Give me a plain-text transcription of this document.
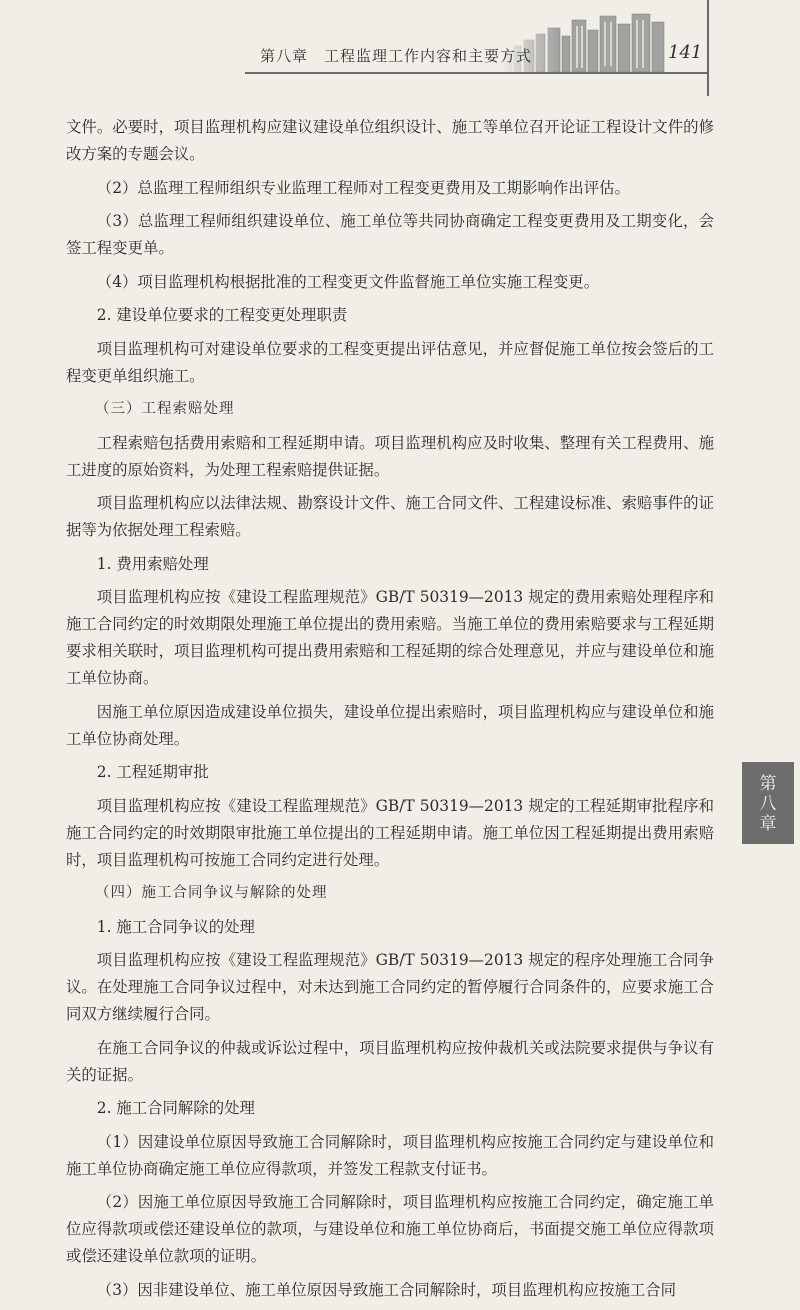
第八章　工程监理工作内容和主要方式	141

文件。必要时，项目监理机构应建议建设单位组织设计、施工等单位召开论证工程设计文件的修改方案的专题会议。

（2）总监理工程师组织专业监理工程师对工程变更费用及工期影响作出评估。

（3）总监理工程师组织建设单位、施工单位等共同协商确定工程变更费用及工期变化，会签工程变更单。

（4）项目监理机构根据批准的工程变更文件监督施工单位实施工程变更。

2. 建设单位要求的工程变更处理职责

项目监理机构可对建设单位要求的工程变更提出评估意见，并应督促施工单位按会签后的工程变更单组织施工。

（三）工程索赔处理

工程索赔包括费用索赔和工程延期申请。项目监理机构应及时收集、整理有关工程费用、施工进度的原始资料，为处理工程索赔提供证据。

项目监理机构应以法律法规、勘察设计文件、施工合同文件、工程建设标准、索赔事件的证据等为依据处理工程索赔。

1. 费用索赔处理

项目监理机构应按《建设工程监理规范》GB/T 50319—2013 规定的费用索赔处理程序和施工合同约定的时效期限处理施工单位提出的费用索赔。当施工单位的费用索赔要求与工程延期要求相关联时，项目监理机构可提出费用索赔和工程延期的综合处理意见，并应与建设单位和施工单位协商。

因施工单位原因造成建设单位损失，建设单位提出索赔时，项目监理机构应与建设单位和施工单位协商处理。

2. 工程延期审批

项目监理机构应按《建设工程监理规范》GB/T 50319—2013 规定的工程延期审批程序和施工合同约定的时效期限审批施工单位提出的工程延期申请。施工单位因工程延期提出费用索赔时，项目监理机构可按施工合同约定进行处理。

（四）施工合同争议与解除的处理

1. 施工合同争议的处理

项目监理机构应按《建设工程监理规范》GB/T 50319—2013 规定的程序处理施工合同争议。在处理施工合同争议过程中，对未达到施工合同约定的暂停履行合同条件的，应要求施工合同双方继续履行合同。

在施工合同争议的仲裁或诉讼过程中，项目监理机构应按仲裁机关或法院要求提供与争议有关的证据。

2. 施工合同解除的处理

（1）因建设单位原因导致施工合同解除时，项目监理机构应按施工合同约定与建设单位和施工单位协商确定施工单位应得款项，并签发工程款支付证书。

（2）因施工单位原因导致施工合同解除时，项目监理机构应按施工合同约定，确定施工单位应得款项或偿还建设单位的款项，与建设单位和施工单位协商后，书面提交施工单位应得款项或偿还建设单位款项的证明。

（3）因非建设单位、施工单位原因导致施工合同解除时，项目监理机构应按施工合同

第
八
章
